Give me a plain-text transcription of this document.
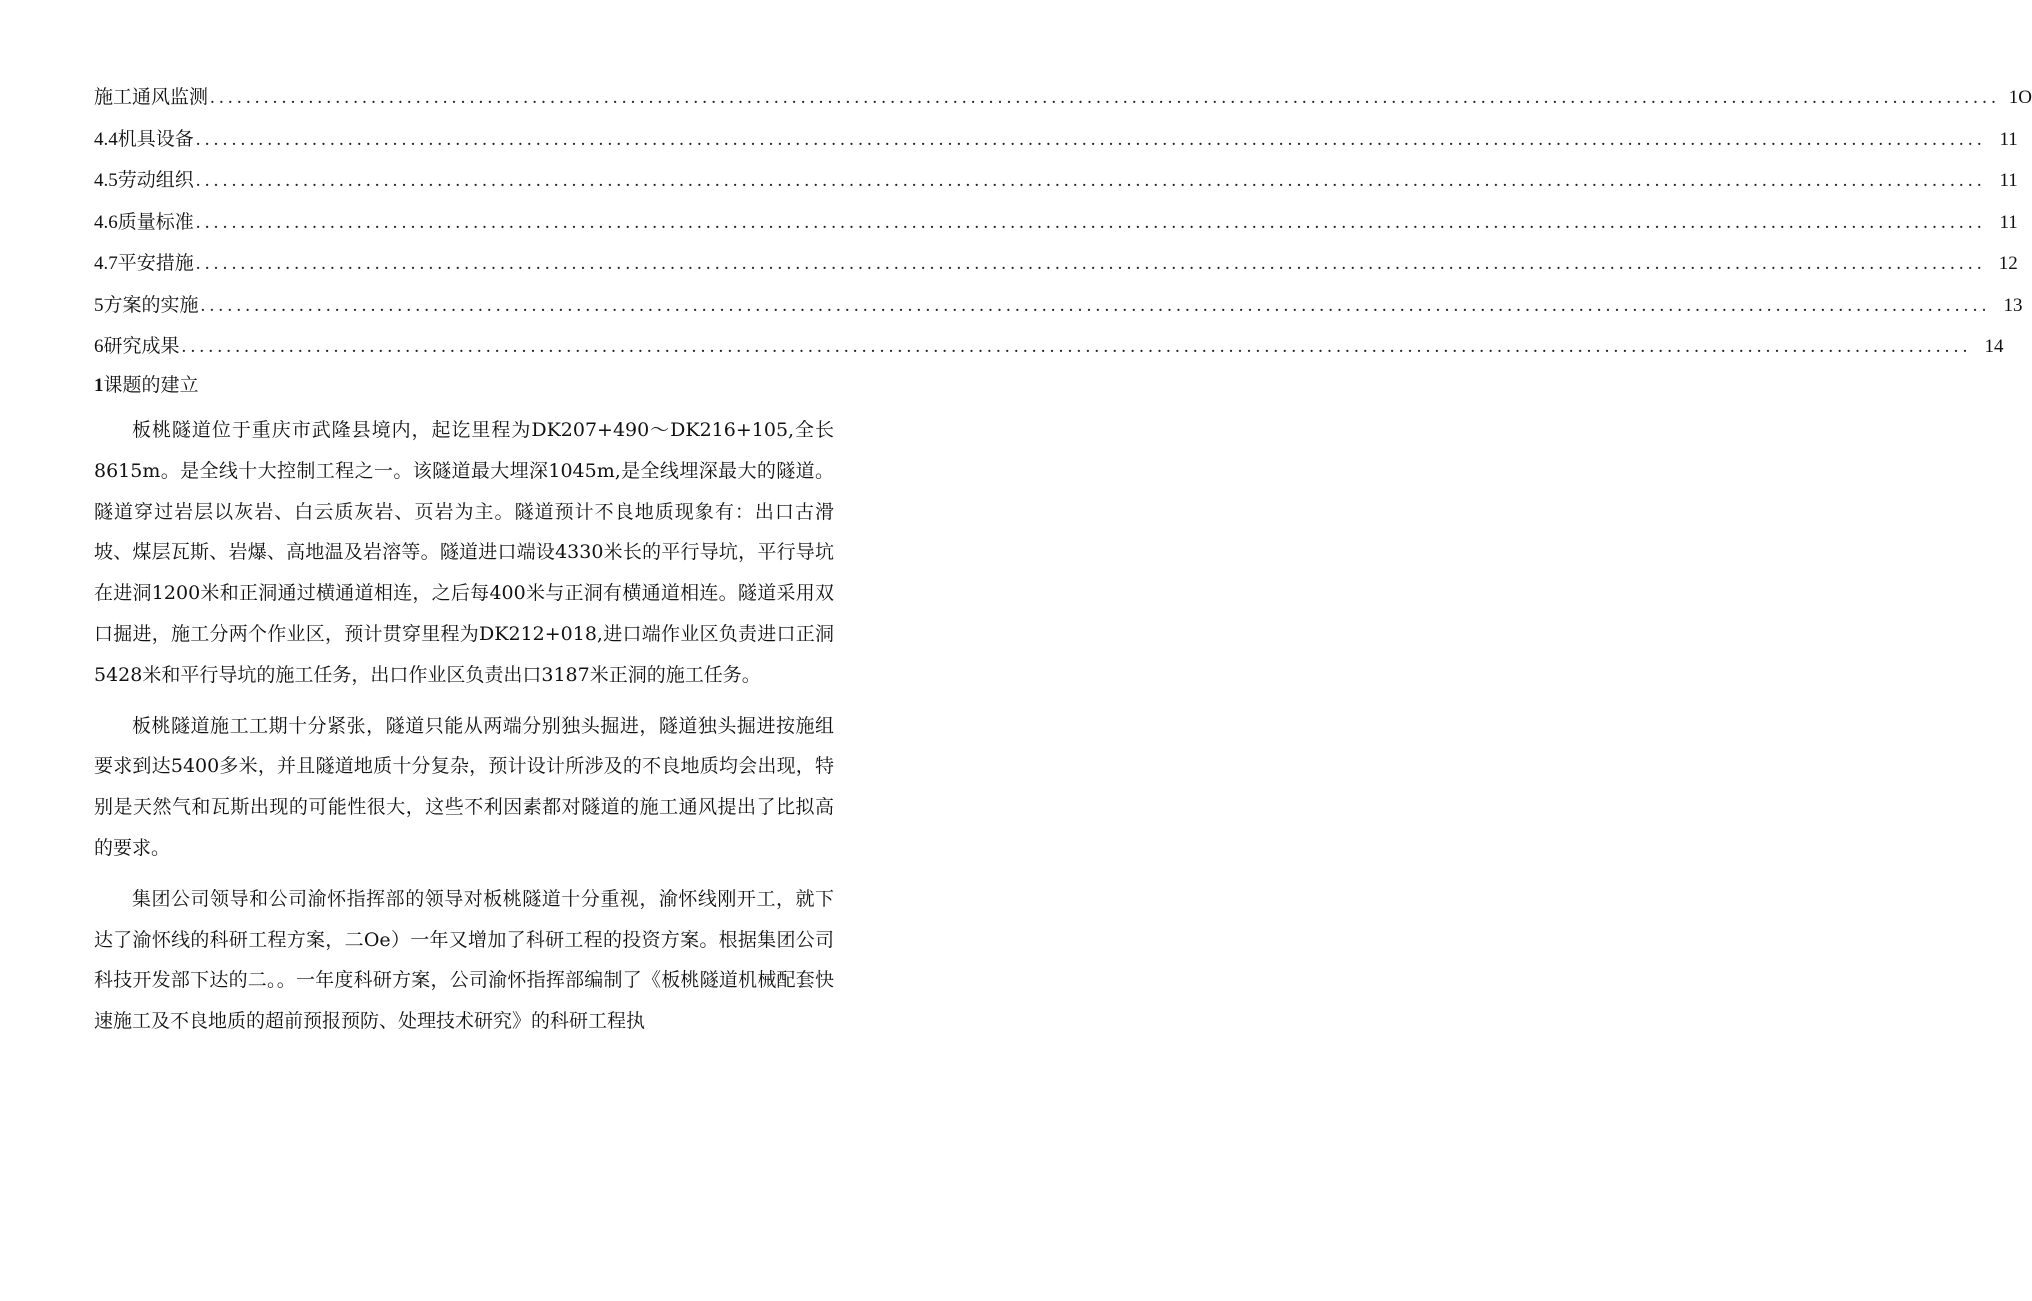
施工通风监测 ........................................................................................................................................................................................................ 1O
4.4 机具设备 ........................................................................................................................................................................................................ 11
4.5 劳动组织 ........................................................................................................................................................................................................ 11
4.6 质量标准 ........................................................................................................................................................................................................ 11
4.7 平安措施 ........................................................................................................................................................................................................ 12
5 方案的实施 ........................................................................................................................................................................................................ 13
6 研究成果 ........................................................................................................................................................................................................ 14
1课题的建立

板桃隧道位于重庆市武隆县境内，起讫里程为DK207+490～DK216+105,全长8615m。是全线十大控制工程之一。该隧道最大埋深1045m,是全线埋深最大的隧道。隧道穿过岩层以灰岩、白云质灰岩、页岩为主。隧道预计不良地质现象有：出口古滑坡、煤层瓦斯、岩爆、高地温及岩溶等。隧道进口端设4330米长的平行导坑，平行导坑在进洞1200米和正洞通过横通道相连，之后每400米与正洞有横通道相连。隧道采用双口掘进，施工分两个作业区，预计贯穿里程为DK212+018,进口端作业区负责进口正洞5428米和平行导坑的施工任务，出口作业区负责出口3187米正洞的施工任务。

板桃隧道施工工期十分紧张，隧道只能从两端分别独头掘进，隧道独头掘进按施组要求到达5400多米，并且隧道地质十分复杂，预计设计所涉及的不良地质均会出现，特别是天然气和瓦斯出现的可能性很大，这些不利因素都对隧道的施工通风提出了比拟高的要求。

集团公司领导和公司渝怀指挥部的领导对板桃隧道十分重视，渝怀线刚开工，就下达了渝怀线的科研工程方案，二Oe）一年又增加了科研工程的投资方案。根据集团公司科技开发部下达的二。。一年度科研方案，公司渝怀指挥部编制了《板桃隧道机械配套快速施工及不良地质的超前预报预防、处理技术研究》的科研工程执
